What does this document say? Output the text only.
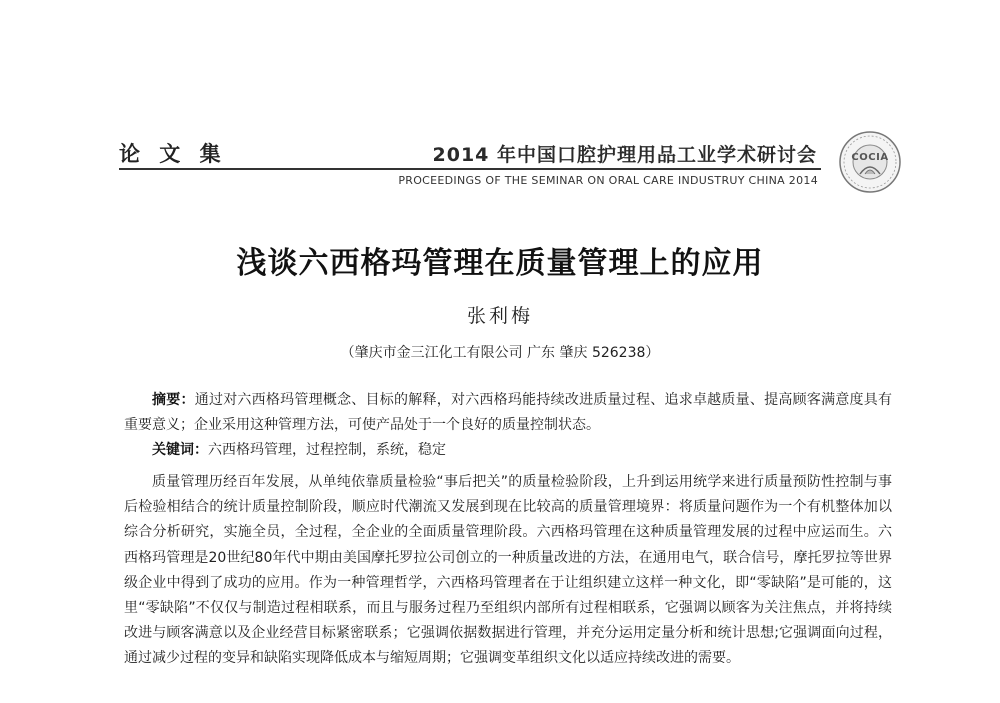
论 文 集	2014 年中国口腔护理用品工业学术研讨会
PROCEEDINGS OF THE SEMINAR ON ORAL CARE INDUSTRUY CHINA 2014
COCIA
浅谈六西格玛管理在质量管理上的应用
张利梅
（肇庆市金三江化工有限公司 广东 肇庆 526238）

摘要：通过对六西格玛管理概念、目标的解释，对六西格玛能持续改进质量过程、追求卓越质量、提高顾客满意度具有重要意义；企业采用这种管理方法，可使产品处于一个良好的质量控制状态。

关键词：六西格玛管理，过程控制，系统，稳定

质量管理历经百年发展，从单纯依靠质量检验“事后把关”的质量检验阶段，上升到运用统学来进行质量预防性控制与事后检验相结合的统计质量控制阶段，顺应时代潮流又发展到现在比较高的质量管理境界：将质量问题作为一个有机整体加以综合分析研究，实施全员，全过程，全企业的全面质量管理阶段。六西格玛管理在这种质量管理发展的过程中应运而生。六西格玛管理是20世纪80年代中期由美国摩托罗拉公司创立的一种质量改进的方法，在通用电气，联合信号，摩托罗拉等世界级企业中得到了成功的应用。作为一种管理哲学，六西格玛管理者在于让组织建立这样一种文化，即“零缺陷”是可能的，这里“零缺陷”不仅仅与制造过程相联系，而且与服务过程乃至组织内部所有过程相联系，它强调以顾客为关注焦点，并将持续改进与顾客满意以及企业经营目标紧密联系；它强调依据数据进行管理，并充分运用定量分析和统计思想;它强调面向过程，通过减少过程的变异和缺陷实现降低成本与缩短周期；它强调变革组织文化以适应持续改进的需要。
